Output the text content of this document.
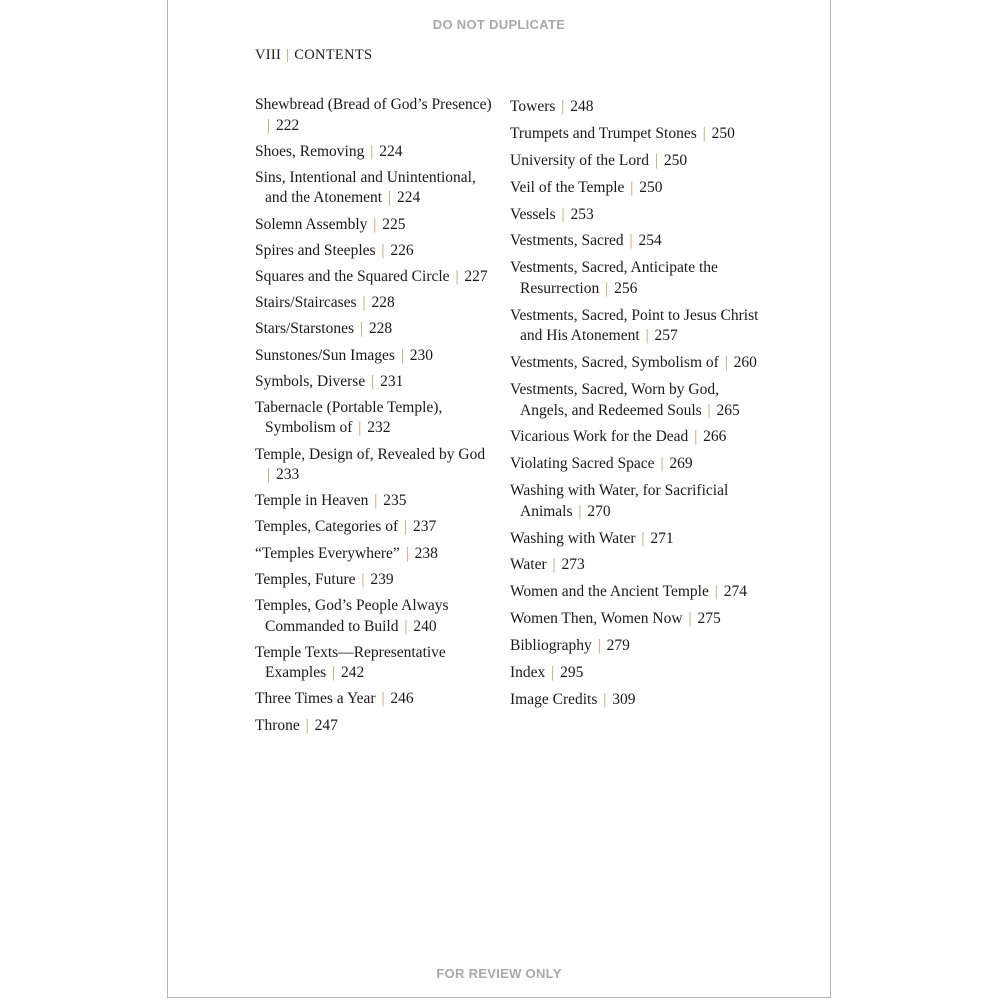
DO NOT DUPLICATE
VIII | CONTENTS
Shewbread (Bread of God’s Presence) | 222
Shoes, Removing | 224
Sins, Intentional and Unintentional, and the Atonement | 224
Solemn Assembly | 225
Spires and Steeples | 226
Squares and the Squared Circle | 227
Stairs/Staircases | 228
Stars/Starstones | 228
Sunstones/Sun Images | 230
Symbols, Diverse | 231
Tabernacle (Portable Temple), Symbolism of | 232
Temple, Design of, Revealed by God | 233
Temple in Heaven | 235
Temples, Categories of | 237
“Temples Everywhere” | 238
Temples, Future | 239
Temples, God’s People Always Commanded to Build | 240
Temple Texts—Representative Examples | 242
Three Times a Year | 246
Throne | 247
Towers | 248
Trumpets and Trumpet Stones | 250
University of the Lord | 250
Veil of the Temple | 250
Vessels | 253
Vestments, Sacred | 254
Vestments, Sacred, Anticipate the Resurrection | 256
Vestments, Sacred, Point to Jesus Christ and His Atonement | 257
Vestments, Sacred, Symbolism of | 260
Vestments, Sacred, Worn by God, Angels, and Redeemed Souls | 265
Vicarious Work for the Dead | 266
Violating Sacred Space | 269
Washing with Water, for Sacrificial Animals | 270
Washing with Water | 271
Water | 273
Women and the Ancient Temple | 274
Women Then, Women Now | 275
Bibliography | 279
Index | 295
Image Credits | 309
FOR REVIEW ONLY
